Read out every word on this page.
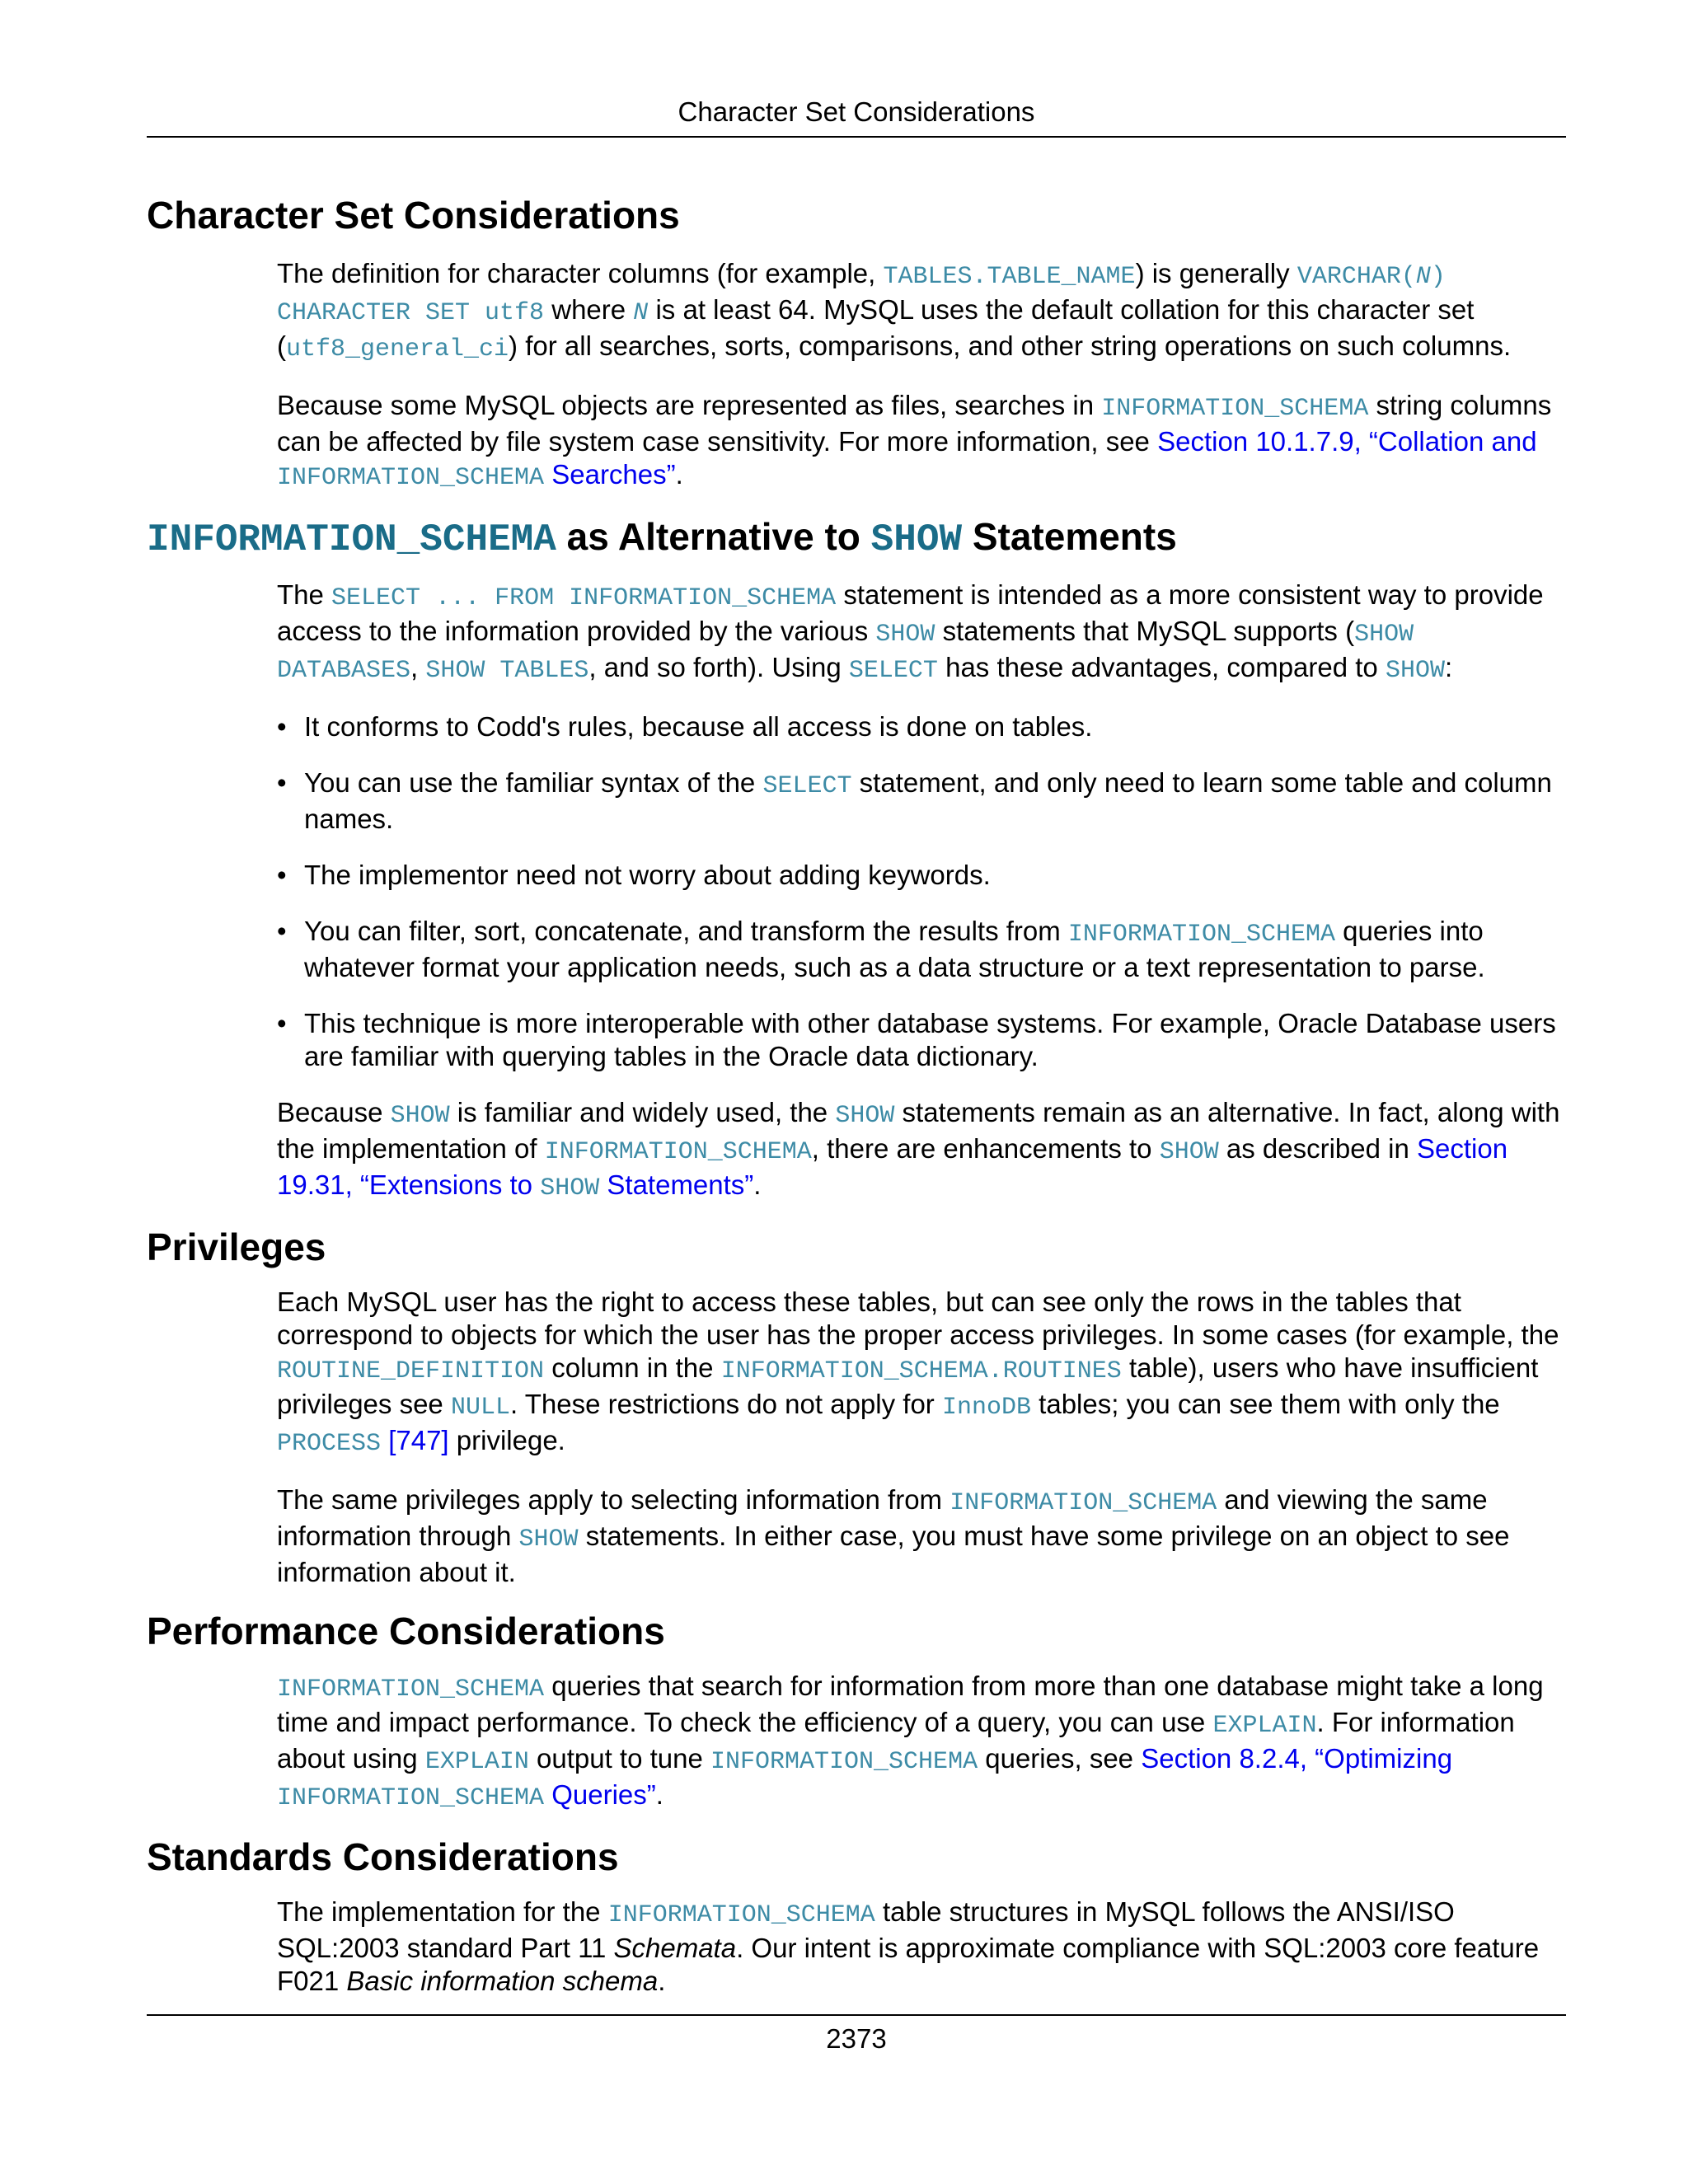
Character Set Considerations
Character Set Considerations

The definition for character columns (for example, TABLES.TABLE_NAME) is generally VARCHAR(N) CHARACTER SET utf8 where N is at least 64. MySQL uses the default collation for this character set (utf8_general_ci) for all searches, sorts, comparisons, and other string operations on such columns.

Because some MySQL objects are represented as files, searches in INFORMATION_SCHEMA string columns can be affected by file system case sensitivity. For more information, see Section 10.1.7.9, “Collation and INFORMATION_SCHEMA Searches”.

INFORMATION_SCHEMA as Alternative to SHOW Statements

The SELECT ... FROM INFORMATION_SCHEMA statement is intended as a more consistent way to provide access to the information provided by the various SHOW statements that MySQL supports (SHOW DATABASES, SHOW TABLES, and so forth). Using SELECT has these advantages, compared to SHOW:

• It conforms to Codd's rules, because all access is done on tables.
• You can use the familiar syntax of the SELECT statement, and only need to learn some table and column names.
• The implementor need not worry about adding keywords.
• You can filter, sort, concatenate, and transform the results from INFORMATION_SCHEMA queries into whatever format your application needs, such as a data structure or a text representation to parse.
• This technique is more interoperable with other database systems. For example, Oracle Database users are familiar with querying tables in the Oracle data dictionary.

Because SHOW is familiar and widely used, the SHOW statements remain as an alternative. In fact, along with the implementation of INFORMATION_SCHEMA, there are enhancements to SHOW as described in Section 19.31, “Extensions to SHOW Statements”.

Privileges

Each MySQL user has the right to access these tables, but can see only the rows in the tables that correspond to objects for which the user has the proper access privileges. In some cases (for example, the ROUTINE_DEFINITION column in the INFORMATION_SCHEMA.ROUTINES table), users who have insufficient privileges see NULL. These restrictions do not apply for InnoDB tables; you can see them with only the PROCESS [747] privilege.

The same privileges apply to selecting information from INFORMATION_SCHEMA and viewing the same information through SHOW statements. In either case, you must have some privilege on an object to see information about it.

Performance Considerations

INFORMATION_SCHEMA queries that search for information from more than one database might take a long time and impact performance. To check the efficiency of a query, you can use EXPLAIN. For information about using EXPLAIN output to tune INFORMATION_SCHEMA queries, see Section 8.2.4, “Optimizing INFORMATION_SCHEMA Queries”.

Standards Considerations

The implementation for the INFORMATION_SCHEMA table structures in MySQL follows the ANSI/ISO SQL:2003 standard Part 11 Schemata. Our intent is approximate compliance with SQL:2003 core feature F021 Basic information schema.

2373
